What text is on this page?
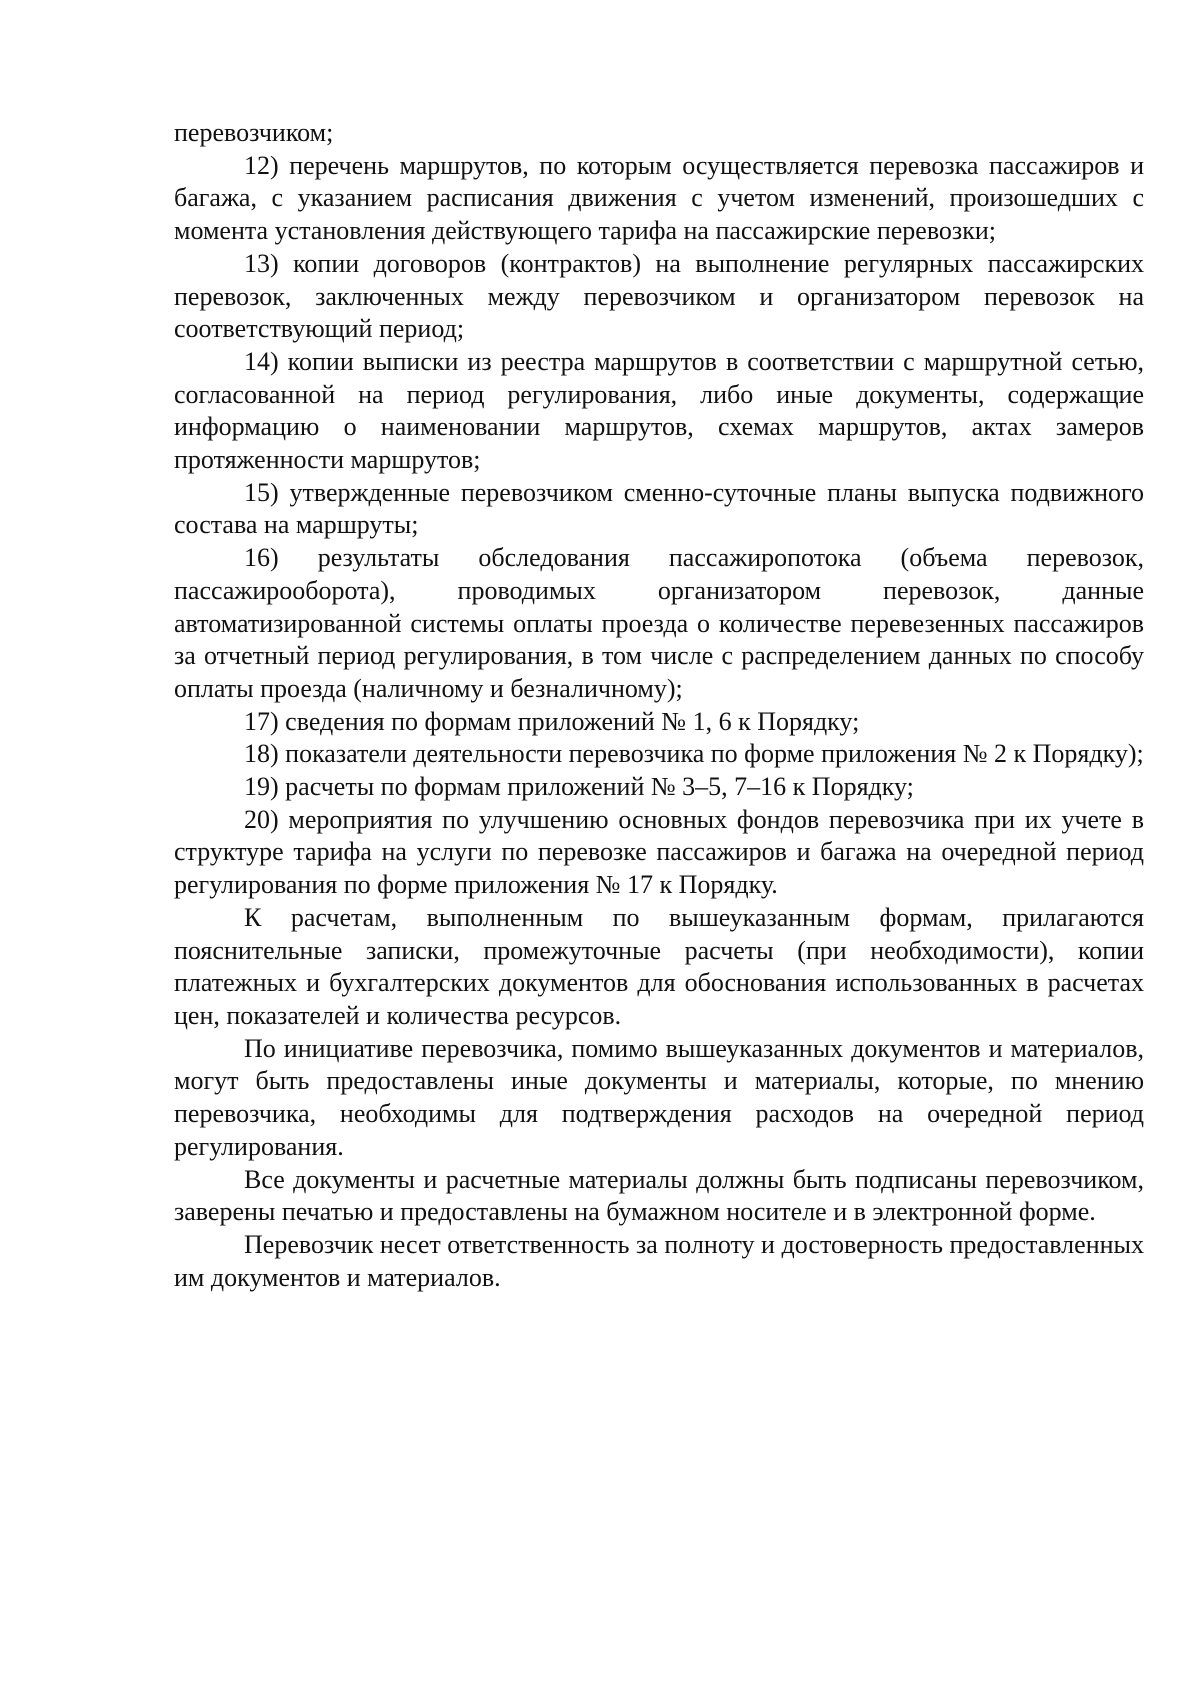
перевозчиком;

12) перечень маршрутов, по которым осуществляется перевозка пассажиров и багажа, с указанием расписания движения с учетом изменений, произошедших с момента установления действующего тарифа на пассажирские перевозки;

13) копии договоров (контрактов) на выполнение регулярных пассажирских перевозок, заключенных между перевозчиком и организатором перевозок на соответствующий период;

14) копии выписки из реестра маршрутов в соответствии с маршрутной сетью, согласованной на период регулирования, либо иные документы, содержащие информацию о наименовании маршрутов, схемах маршрутов, актах замеров протяженности маршрутов;

15) утвержденные перевозчиком сменно-суточные планы выпуска подвижного состава на маршруты;

16) результаты обследования пассажиропотока (объема перевозок, пассажирооборота), проводимых организатором перевозок, данные автоматизированной системы оплаты проезда о количестве перевезенных пассажиров за отчетный период регулирования, в том числе с распределением данных по способу оплаты проезда (наличному и безналичному);

17) сведения по формам приложений № 1, 6 к Порядку;

18) показатели деятельности перевозчика по форме приложения № 2 к Порядку);

19) расчеты по формам приложений № 3–5, 7–16 к Порядку;

20) мероприятия по улучшению основных фондов перевозчика при их учете в структуре тарифа на услуги по перевозке пассажиров и багажа на очередной период регулирования по форме приложения № 17 к Порядку.

К расчетам, выполненным по вышеуказанным формам, прилагаются пояснительные записки, промежуточные расчеты (при необходимости), копии платежных и бухгалтерских документов для обоснования использованных в расчетах цен, показателей и количества ресурсов.

По инициативе перевозчика, помимо вышеуказанных документов и материалов, могут быть предоставлены иные документы и материалы, которые, по мнению перевозчика, необходимы для подтверждения расходов на очередной период регулирования.

Все документы и расчетные материалы должны быть подписаны перевозчиком, заверены печатью и предоставлены на бумажном носителе и в электронной форме.

Перевозчик несет ответственность за полноту и достоверность предоставленных им документов и материалов.
